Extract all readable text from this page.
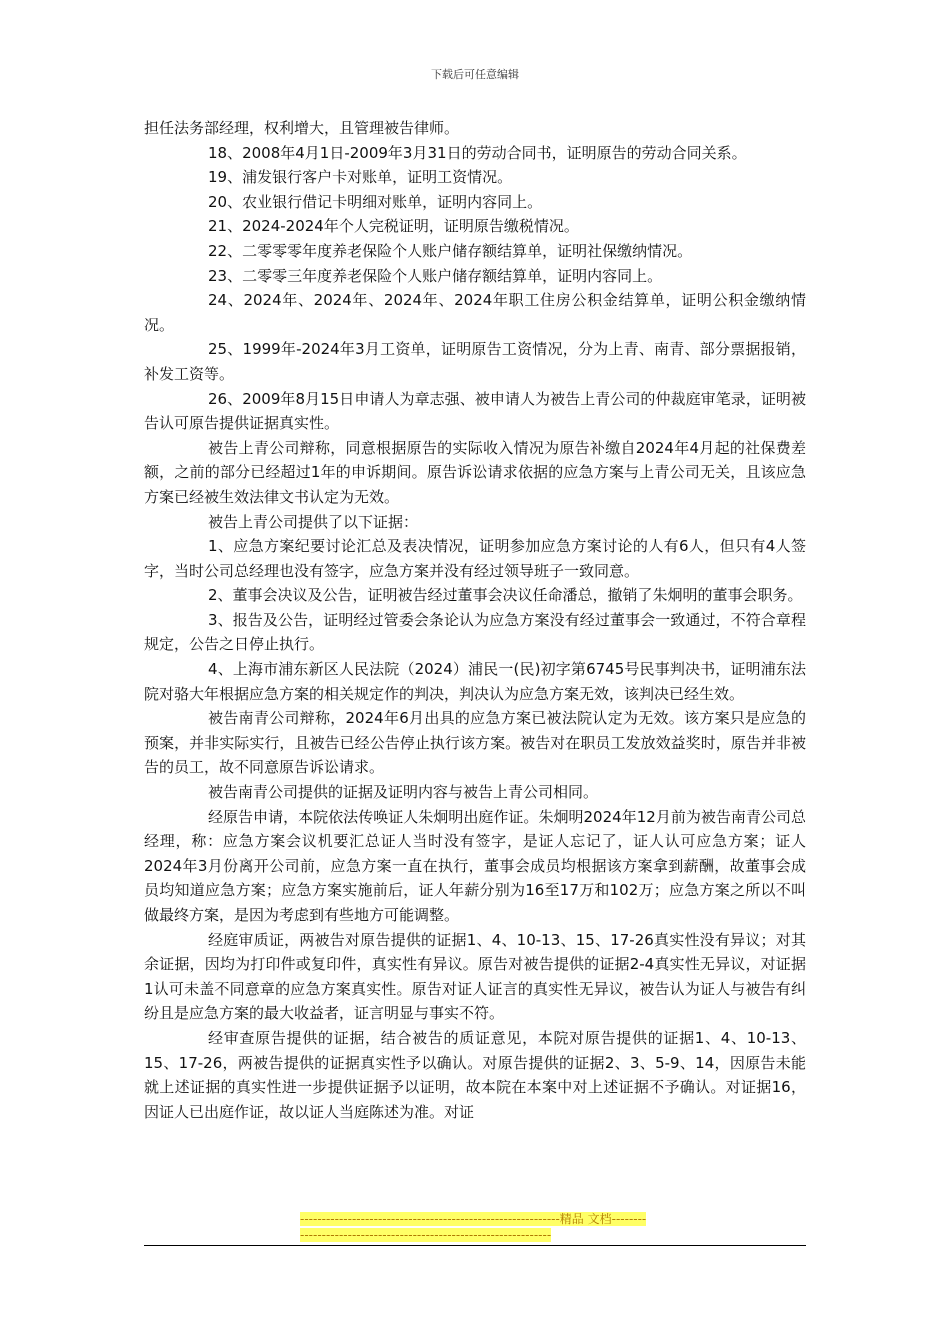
下载后可任意编辑

担任法务部经理，权利增大，且管理被告律师。

18、2008年4月1日-2009年3月31日的劳动合同书，证明原告的劳动合同关系。

19、浦发银行客户卡对账单，证明工资情况。

20、农业银行借记卡明细对账单，证明内容同上。

21、2024-2024年个人完税证明，证明原告缴税情况。

22、二零零零年度养老保险个人账户储存额结算单，证明社保缴纳情况。

23、二零零三年度养老保险个人账户储存额结算单，证明内容同上。

24、2024年、2024年、2024年、2024年职工住房公积金结算单，证明公积金缴纳情况。

25、1999年-2024年3月工资单，证明原告工资情况，分为上青、南青、部分票据报销，补发工资等。

26、2009年8月15日申请人为章志强、被申请人为被告上青公司的仲裁庭审笔录，证明被告认可原告提供证据真实性。

被告上青公司辩称，同意根据原告的实际收入情况为原告补缴自2024年4月起的社保费差额，之前的部分已经超过1年的申诉期间。原告诉讼请求依据的应急方案与上青公司无关，且该应急方案已经被生效法律文书认定为无效。

被告上青公司提供了以下证据：

1、应急方案纪要讨论汇总及表决情况，证明参加应急方案讨论的人有6人，但只有4人签字，当时公司总经理也没有签字，应急方案并没有经过领导班子一致同意。

2、董事会决议及公告，证明被告经过董事会决议任命潘总，撤销了朱炯明的董事会职务。

3、报告及公告，证明经过管委会条论认为应急方案没有经过董事会一致通过，不符合章程规定，公告之日停止执行。

4、上海市浦东新区人民法院（2024）浦民一(民)初字第6745号民事判决书，证明浦东法院对骆大年根据应急方案的相关规定作的判决，判决认为应急方案无效，该判决已经生效。

被告南青公司辩称，2024年6月出具的应急方案已被法院认定为无效。该方案只是应急的预案，并非实际实行，且被告已经公告停止执行该方案。被告对在职员工发放效益奖时，原告并非被告的员工，故不同意原告诉讼请求。

被告南青公司提供的证据及证明内容与被告上青公司相同。

经原告申请，本院依法传唤证人朱炯明出庭作证。朱炯明2024年12月前为被告南青公司总经理，称：应急方案会议机要汇总证人当时没有签字，是证人忘记了，证人认可应急方案；证人2024年3月份离开公司前，应急方案一直在执行，董事会成员均根据该方案拿到薪酬，故董事会成员均知道应急方案；应急方案实施前后，证人年薪分别为16至17万和102万；应急方案之所以不叫做最终方案，是因为考虑到有些地方可能调整。

经庭审质证，两被告对原告提供的证据1、4、10-13、15、17-26真实性没有异议；对其余证据，因均为打印件或复印件，真实性有异议。原告对被告提供的证据2-4真实性无异议，对证据1认可未盖不同意章的应急方案真实性。原告对证人证言的真实性无异议，被告认为证人与被告有纠纷且是应急方案的最大收益者，证言明显与事实不符。

经审查原告提供的证据，结合被告的质证意见，本院对原告提供的证据1、4、10-13、15、17-26，两被告提供的证据真实性予以确认。对原告提供的证据2、3、5-9、14，因原告未能就上述证据的真实性进一步提供证据予以证明，故本院在本案中对上述证据不予确认。对证据16，因证人已出庭作证，故以证人当庭陈述为准。对证

------------------------------------------------------------精品 文档------------------------------------------------------------------
